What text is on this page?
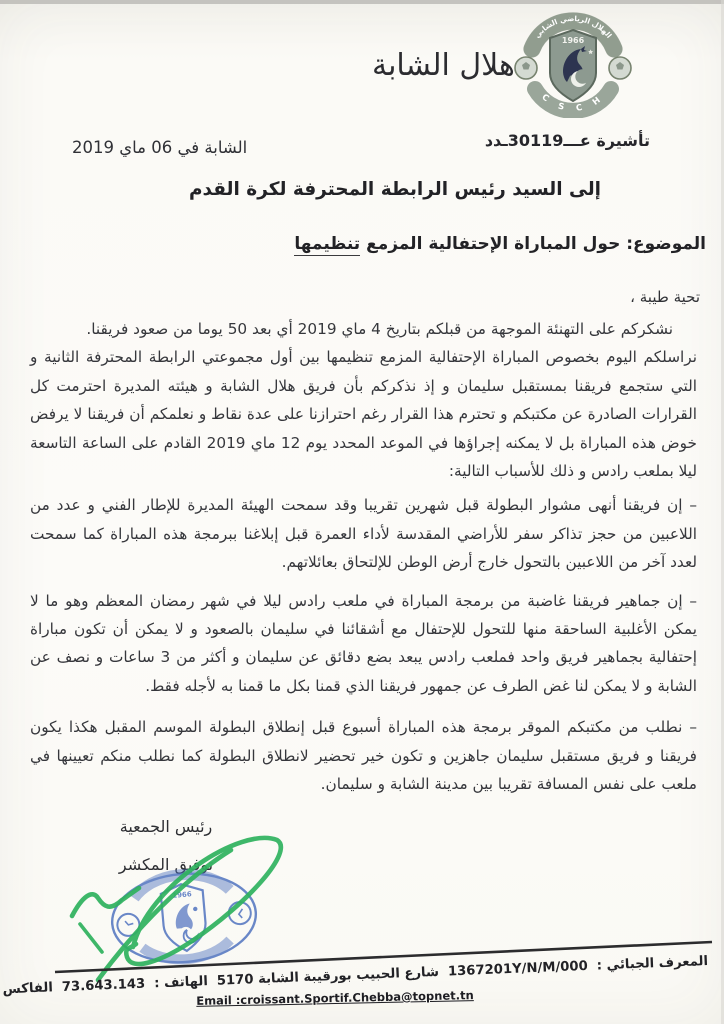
هلال الشابة
1966
الهلال الرياضي الشابي
C S C H
تأشيرة عـــ30119ـدد
الشابة في 06 ماي 2019
إلى السيد رئيس الرابطة المحترفة لكرة القدم
الموضوع: حول المباراة الإحتفالية المزمع تنظيمها
تحية طيبة ،

نشكركم على التهنئة الموجهة من قبلكم بتاريخ 4 ماي 2019 أي بعد 50 يوما من صعود فريقنا.

نراسلكم اليوم بخصوص المباراة الإحتفالية المزمع تنظيمها بين أول مجموعتي الرابطة المحترفة الثانية و التي ستجمع فريقنا بمستقبل سليمان و إذ نذكركم بأن فريق هلال الشابة و هيئته المديرة احترمت كل القرارات الصادرة عن مكتبكم و تحترم هذا القرار رغم احترازنا على عدة نقاط و نعلمكم أن فريقنا لا يرفض خوض هذه المباراة بل لا يمكنه إجراؤها في الموعد المحدد يوم 12 ماي 2019 القادم على الساعة التاسعة ليلا بملعب رادس و ذلك للأسباب التالية:

– إن فريقنا أنهى مشوار البطولة قبل شهرين تقريبا وقد سمحت الهيئة المديرة للإطار الفني و عدد من اللاعبين من حجز تذاكر سفر للأراضي المقدسة لأداء العمرة قبل إبلاغنا ببرمجة هذه المباراة كما سمحت لعدد آخر من اللاعبين بالتحول خارج أرض الوطن للإلتحاق بعائلاتهم.

– إن جماهير فريقنا غاضبة من برمجة المباراة في ملعب رادس ليلا في شهر رمضان المعظم وهو ما لا يمكن الأغلبية الساحقة منها للتحول للإحتفال مع أشقائنا في سليمان بالصعود و لا يمكن أن تكون مباراة إحتفالية بجماهير فريق واحد فملعب رادس يبعد بضع دقائق عن سليمان و أكثر من 3 ساعات و نصف عن الشابة و لا يمكن لنا غض الطرف عن جمهور فريقنا الذي قمنا بكل ما قمنا به لأجله فقط.

– نطلب من مكتبكم الموقر برمجة هذه المباراة أسبوع قبل إنطلاق البطولة الموسم المقبل هكذا يكون فريقنا و فريق مستقبل سليمان جاهزين و تكون خير تحضير لانطلاق البطولة كما نطلب منكم تعيينها في ملعب على نفس المسافة تقريبا بين مدينة الشابة و سليمان.

رئيس الجمعية
توفيق المكشر
1966
المعرف الجبائي :1367201Y/N/M/000شارع الحبيب بورقيبة الشابة 5170الهاتف :73.643.143الفاكس	Email :croissant.Sportif.Chebba@topnet.tn
